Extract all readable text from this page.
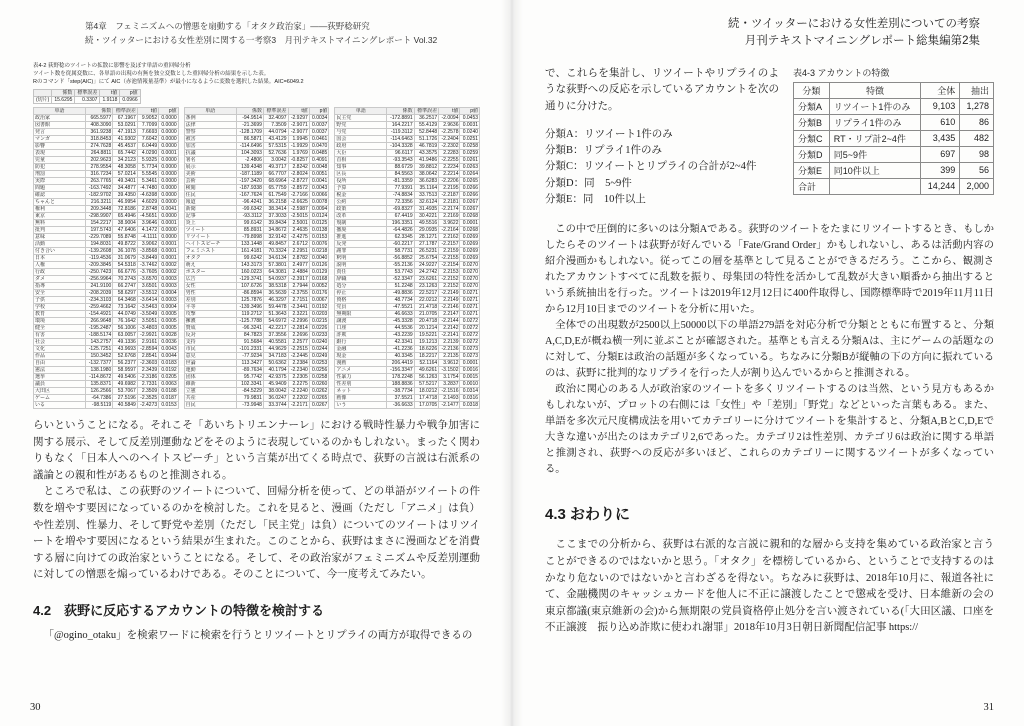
第4章　フェミニズムへの憎悪を扇動する「オタク政治家」――荻野稔研究
続・ツイッターにおける女性差別に関する一考察3　月刊テキストマイニングレポート Vol.32
表4-2 荻野稔のツイートの拡散に影響を及ぼす単語の重回帰分析
ツイート数を従属変数に、各単語の出現の有無を独立変数とした重回帰分析の結果を示した表。
Rのコマンド「step(AIC)」にて AIC（赤池情報量基準）が最小になるように変数を選択した結果。AIC=6049.2
	係数	標準誤差	t値	p値
(切片)	15.6295	0.3307	1.9118	0.0966
単語	係数	標準誤差	t値	p値
政治家	665.5977	67.1967	9.9052	0.0000
図書館	408.3090	53.0291	7.7099	0.0000
発言	361.9238	47.1913	7.6693	0.0000
マンガ	318.8453	41.9302	7.6042	0.0000
影響	274.7628	45.4537	6.0449	0.0000
表現	264.8811	65.7442	4.0290	0.0001
児童	202.9623	34.2123	5.9325	0.0000
防犯	278.9554	48.3058	5.7734	0.0000
刑罰	316.7234	57.0214	5.5545	0.0000
実際	263.7765	49.3401	5.3461	0.0000
問題	-163.7492	34.4877	-4.7480	0.0000
確認	-182.9702	39.4350	-4.6398	0.0000
ちゃんと	216.3211	46.9954	4.6029	0.0000
権利	209.3448	72.8186	2.8748	0.0041
東京	-298.9907	65.4946	-4.5651	0.0000
無料	154.2217	38.9004	3.9646	0.0001
批判	197.5743	47.6406	4.1472	0.0000
意味	-229.7089	55.8748	-4.1111	0.0000
活動	194.8031	49.8722	3.9062	0.0001
付き合い	-139.2608	36.1078	-3.8568	0.0001
日本	-119.4536	31.0679	-3.8449	0.0001
人権	-209.3845	54.5318	-3.7462	0.0002
行政	-250.7423	66.6776	-3.7605	0.0002
ダメ	-256.9964	70.2743	-3.6570	0.0003
指導	241.9100	66.2747	3.6501	0.0003
安全	-208.2039	58.6297	-3.5512	0.0004
子供	-234.3103	64.3468	-3.6414	0.0003
学校	-259.4662	73.1642	-3.5463	0.0004
教育	-154.4921	44.0749	-3.5049	0.0005
環境	266.9648	76.1642	3.5051	0.0005
健全	-195.2487	56.1006	-3.4803	0.0005
有害	-188.5174	63.0057	-2.9921	0.0028
社会	143.2757	49.1336	2.9161	0.0036
文化	-125.7251	43.9693	-2.8594	0.0043
作品	150.3452	52.6768	2.8541	0.0044
自由	-132.7377	56.2377	-2.3603	0.0183
憲法	138.1980	58.9597	2.3439	0.0192
選挙	-114.8672	49.5406	-2.3186	0.0205
議員	135.8371	49.6982	2.7331	0.0063
大田区	126.2566	53.7067	2.3509	0.0188
ゲーム	-64.7386	27.5196	-2.3525	0.0187
いる	-98.5119	40.5849	-2.4273	0.0153
単語	係数	標準誤差	t値	p値
条例	-94.9514	32.4097	-2.9297	0.0034
法律	-21.3699	7.3509	-2.9071	0.0037
警察	-128.1709	44.0794	-2.9077	0.0037
被害	86.5871	43.4129	1.9945	0.0461
加害	-114.6496	57.5315	-1.9929	0.0470
抗議	104.3093	52.7636	1.9769	0.0485
署名	-2.4806	3.0042	-0.8257	0.4091
展示	139.4348	49.3717	2.8242	0.0048
美術	-187.1189	66.7707	-2.8024	0.0051
芸術	-197.3420	68.6964	-2.8727	0.0041
検閲	-187.9338	65.7759	-2.8572	0.0043
住民	-167.7624	61.7549	-2.7166	0.0066
報道	-96.4241	36.2158	-2.6625	0.0078
新聞	-99.6342	38.3414	-2.5987	0.0094
記事	-93.3112	37.3033	-2.5015	0.0124
炎上	99.6142	39.8434	2.5001	0.0125
ツイート	85.8931	34.8672	2.4635	0.0138
リツイート	-79.8998	32.9142	-2.4275	0.0153
ヘイトスピーチ	133.1448	49.8457	2.6712	0.0076
フェミニスト	161.4181	70.3324	2.2951	0.0218
オタク	99.6242	34.6134	2.8782	0.0040
萌え	143.3173	57.3801	2.4977	0.0126
ポスター	160.0223	64.3081	2.4884	0.0129
広告	-129.3741	54.0937	-2.3917	0.0168
女性	107.6726	38.5318	2.7944	0.0052
男性	-86.8594	36.5639	-2.3755	0.0176
差別	125.7876	46.3297	2.7151	0.0067
平等	-139.3496	59.4478	-2.3441	0.0192
攻撃	119.2712	51.3643	2.3221	0.0203
擁護	-125.7788	54.6972	-2.2996	0.0215
賛成	-96.3241	42.2217	-2.2814	0.0226
反対	84.7823	37.3556	2.2696	0.0233
支持	91.5684	40.5581	2.2577	0.0240
市民	-101.2331	44.9629	-2.2515	0.0244
意見	-77.9234	34.7183	-2.2445	0.0249
世論	113.3427	50.6362	2.2384	0.0253
運動	-89.7634	40.1794	-2.2340	0.0256
団体	95.7742	42.9375	2.2305	0.0258
維新	102.3341	45.9409	2.2275	0.0260
立憲	-84.5229	38.0042	-2.2240	0.0262
共産	79.9831	36.0247	2.2202	0.0265
自民	-73.9948	33.3744	-2.2171	0.0267
単語	係数	標準誤差	t値	p値
民主党	-172.8891	36.2517	-2.0094	0.0453
野党	164.2217	55.4129	2.9636	0.0031
与党	-119.3112	52.8448	-2.2578	0.0240
国会	-114.6463	51.1726	-2.2404	0.0251
政府	-104.3328	46.7819	-2.2302	0.0258
大臣	96.6117	43.3575	2.2283	0.0259
首相	-93.3543	41.9486	-2.2255	0.0261
知事	88.6729	39.8812	2.2234	0.0263
区長	84.5563	38.0642	2.2214	0.0264
役所	-81.3359	36.6283	-2.2206	0.0265
予算	77.9391	35.1164	2.2195	0.0266
税金	-74.8834	33.7513	-2.2187	0.0266
公約	72.3356	32.6124	2.2181	0.0267
政策	-69.8327	31.4935	-2.2174	0.0267
改革	67.4419	30.4221	2.2169	0.0268
規制	196.3351	49.5516	3.9622	0.0001
撤廃	-64.4826	29.0935	-2.2164	0.0268
推進	62.3345	28.1271	2.2162	0.0269
反発	-60.2217	27.1787	-2.2157	0.0269
謝罪	58.7731	26.5231	2.2159	0.0269
釈明	-56.8852	25.6754	-2.2155	0.0269
説明	-55.2136	24.9227	-2.2154	0.0270
責任	53.7743	24.2742	2.2153	0.0270
辞職	-52.3347	23.6261	-2.2152	0.0270
処分	51.2248	23.1263	2.2152	0.0270
停止	-49.8836	22.5217	-2.2149	0.0271
資格	48.7734	22.0212	2.2149	0.0271
党員	-47.5521	21.4718	-2.2146	0.0271
無期限	46.6633	21.0705	2.2147	0.0271
譲渡	-45.3328	20.4718	-2.2144	0.0272
口座	44.5536	20.1214	2.2142	0.0272
詐欺	-43.2239	19.5221	-2.2141	0.0272
銀行	42.3341	19.1213	2.2139	0.0272
金融	-41.2236	18.6226	-2.2136	0.0273
現金	40.3345	18.2217	2.2135	0.0273
漫画	206.4419	52.1164	3.9612	0.0001
アニメ	-156.3347	49.6261	-3.1502	0.0016
性暴力	178.2248	56.1263	3.1754	0.0015
性差別	188.8836	57.5217	3.2837	0.0010
ネット	-38.7734	18.0212	-2.1516	0.0314
画像	37.5521	17.4718	2.1493	0.0316
いう	-36.6633	17.0705	-2.1477	0.0318

らいということになる。それこそ「あいちトリエンナーレ」における戦時性暴力や戦争加害に関する展示、そして反差別運動などをそのように表現しているのかもしれない。まったく関わりもなく「日本人へのヘイトスピーチ」という言葉が出てくる時点で、荻野の言説は右派系の議論との親和性があるものと推測される。

ところで私は、この荻野のツイートについて、回帰分析を使って、どの単語がツイートの件数を増やす要因になっているのかを検討した。これを見ると、漫画（ただし「アニメ」は負）や性差別、性暴力、そして野党や差別（ただし「民主党」は負）についてのツイートはリツイートを増やす要因になるという結果が生まれた。このことから、荻野はまさに漫画などを消費する層に向けての政治家ということになる。そして、その政治家がフェミニズムや反差別運動に対しての憎悪を煽っているわけである。そのことについて、今一度考えてみたい。

4.2　荻野に反応するアカウントの特徴を検討する

「@ogino_otaku」を検索ワードに検索を行うとリツイートとリプライの両方が取得できるの

30
続・ツイッターにおける女性差別についての考察
月刊テキストマイニングレポート総集編第2集

で、これらを集計し、リツイートやリプライのような荻野への反応を示しているアカウントを次の通りに分けた。

分類A：リツイート1件のみ
分類B：リプライ1件のみ
分類C：リツイートとリプライの合計が2~4件
分類D：同　5~9件
分類E：同　10件以上
表4-3 アカウントの特徴
分類	特徴	全体	抽出
分類A	リツイート1件のみ	9,103	1,278
分類B	リプライ1件のみ	610	86
分類C	RT・リプ計2~4件	3,435	482
分類D	同5~9件	697	98
分類E	同10件以上	399	56
合計		14,244	2,000

この中で圧倒的に多いのは分類Aである。荻野のツイートをたまにリツイートするとき、もしかしたらそのツイートは荻野が好んでいる「Fate/Grand Order」かもしれないし、あるは活動内容の紹介漫画かもしれない。従ってこの層を基準として見ることができるだろう。ここから、観測されたアカウントすべてに乱数を振り、母集団の特性を活かして乱数が大きい順番から抽出するという系統抽出を行った。ツイートは2019年12月12日に400件取得し、国際標準時で2019年11月11日から12月10日までのツイートを分析に用いた。

全体での出現数が2500以上50000以下の単語279語を対応分析で分類とともに布置すると、分類A,C,D,Eが概ね横一列に並ぶことが確認された。基準とも言える分類Aは、主にゲームの話題なのに対して、分類Eは政治の話題が多くなっている。ちなみに分類Bが縦軸の下の方向に振れているのは、荻野に批判的なリプライを行った人が割り込んでいるからと推測される。

政治に関心のある人が政治家のツイートを多くリツイートするのは当然、という見方もあるかもしれないが、プロットの右側には「女性」や「差別」「野党」などといった言葉もある。また、単語を多次元尺度構成法を用いてカテゴリーに分けてツイートを集計すると、分類A,BとC,D,Eで大きな違いが出たのはカテゴリ2,6であった。カテゴリ2は性差別、カテゴリ6は政治に関する単語と推測され、荻野への反応が多いほど、これらのカテゴリーに関するツイートが多くなっている。

4.3 おわりに

ここまでの分析から、荻野は右派的な言説に親和的な層から支持を集めている政治家と言うことができるのではないかと思う。「オタク」を標榜しているから、ということで支持するのはかなり危ないのではないかと言わざるを得ない。ちなみに荻野は、2018年10月に、報道各社にて、金融機関のキャッシュカードを他人に不正に譲渡したことで懲戒を受け、日本維新の会の東京都議(東京維新の会)から無期限の党員資格停止処分を言い渡されている(「大田区議、口座を不正譲渡　振り込め詐欺に使われ謝罪」2018年10月3日朝日新聞配信記事 https://

31
